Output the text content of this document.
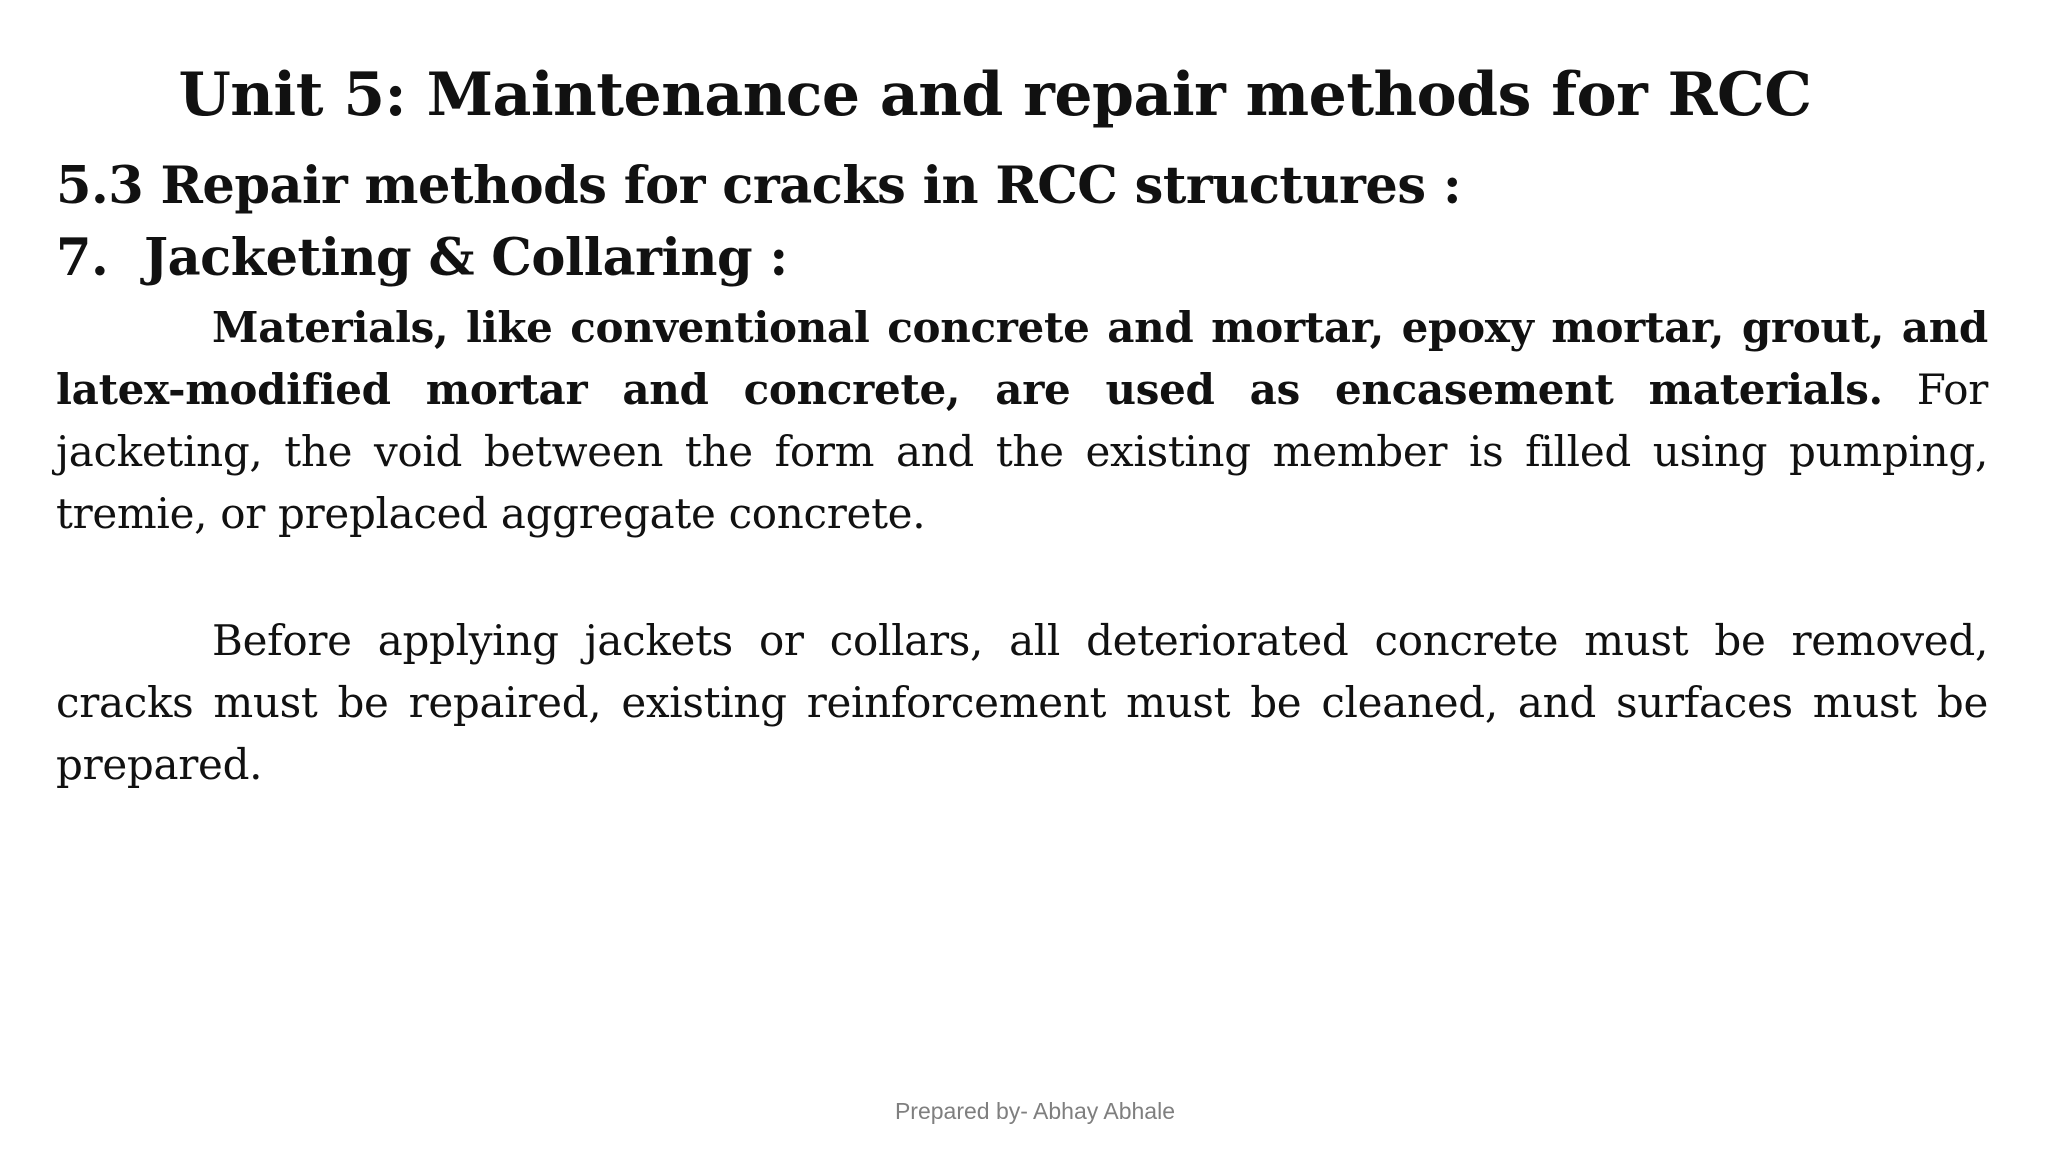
Unit 5: Maintenance and repair methods for RCC
5.3 Repair methods for cracks in RCC structures :
7. Jacketing & Collaring :
Materials, like conventional concrete and mortar, epoxy mortar, grout, and latex-modified mortar and concrete, are used as encasement materials. For jacketing, the void between the form and the existing member is filled using pumping, tremie, or preplaced aggregate concrete.
Before applying jackets or collars, all deteriorated concrete must be removed, cracks must be repaired, existing reinforcement must be cleaned, and surfaces must be prepared.
Prepared by- Abhay Abhale
